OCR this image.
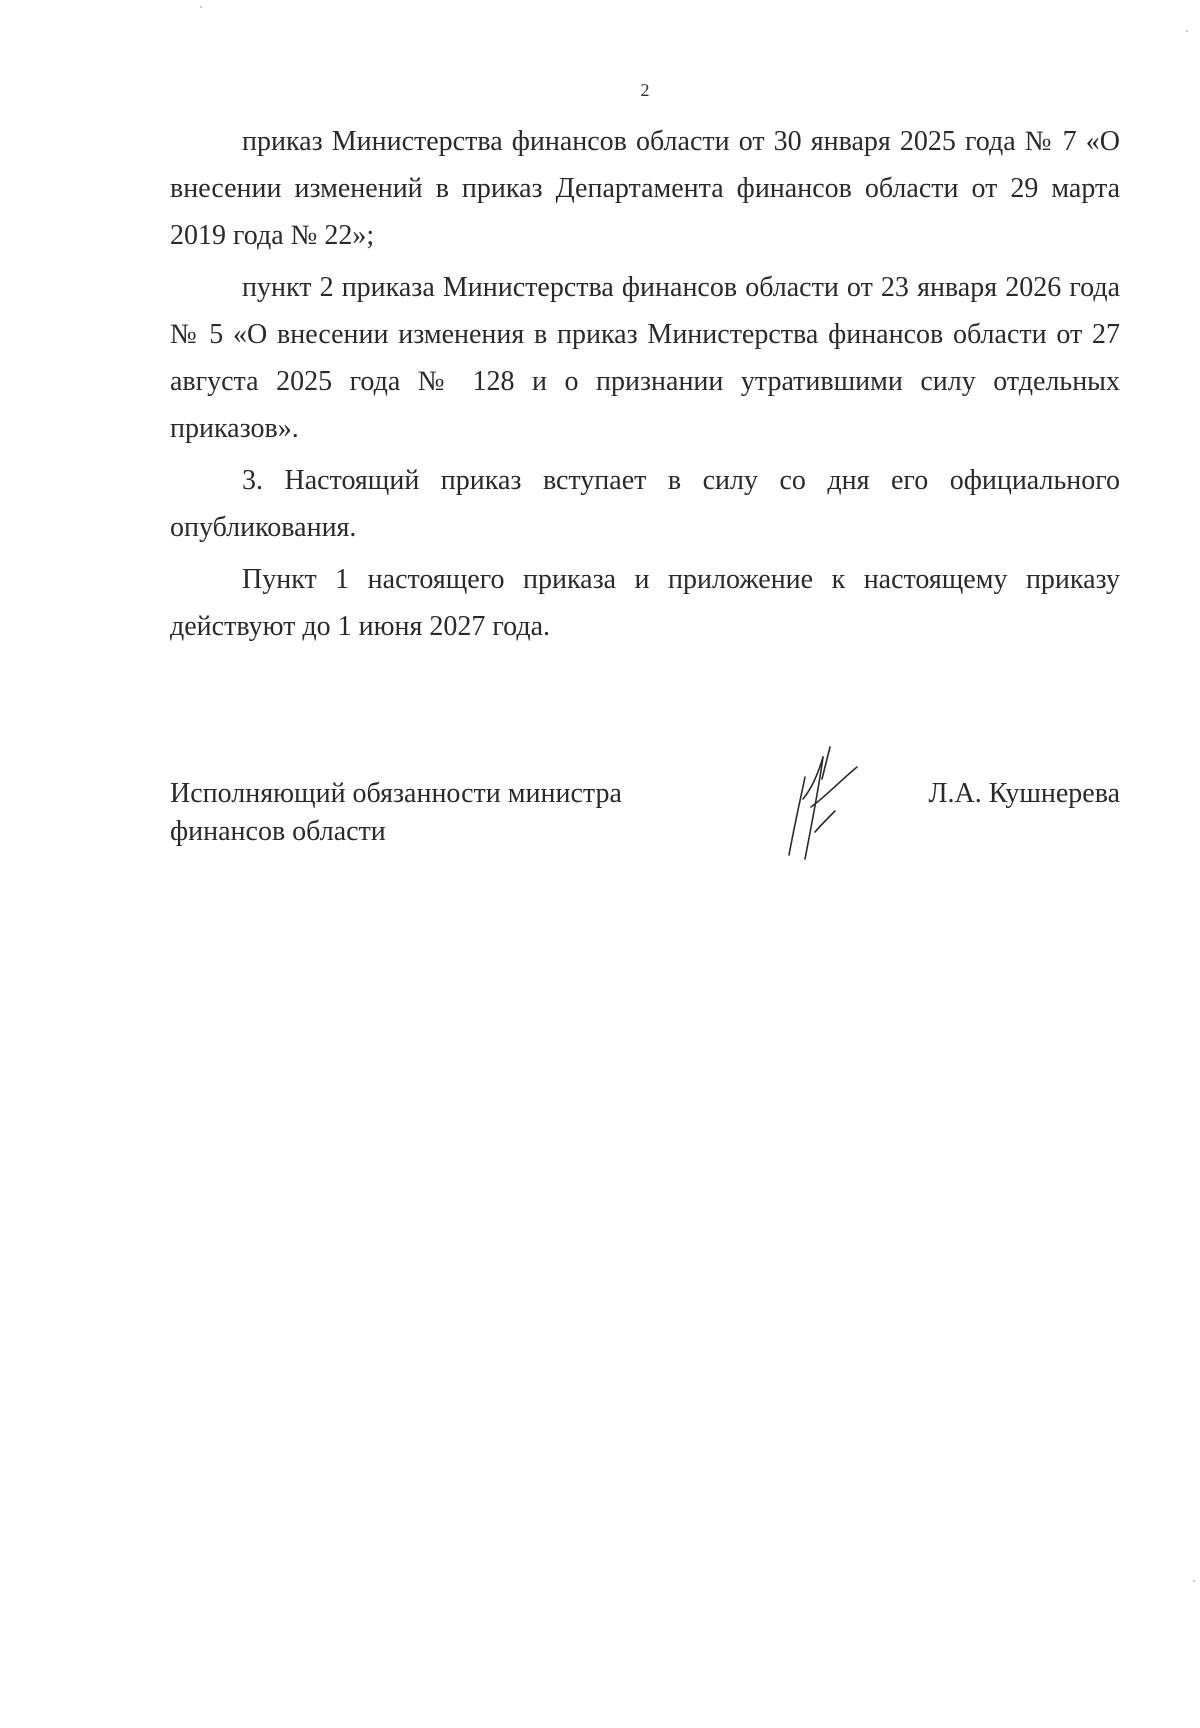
2

приказ Министерства финансов области от 30 января 2025 года № 7 «О внесении изменений в приказ Департамента финансов области от 29 марта 2019 года № 22»;

пункт 2 приказа Министерства финансов области от 23 января 2026 года № 5 «О внесении изменения в приказ Министерства финансов области от 27 августа 2025 года № 128 и о признании утратившими силу отдельных приказов».

3. Настоящий приказ вступает в силу со дня его официального опубликования.

Пункт 1 настоящего приказа и приложение к настоящему приказу действуют до 1 июня 2027 года.

Исполняющий обязанности министра
финансов области
Л.А. Кушнерева
